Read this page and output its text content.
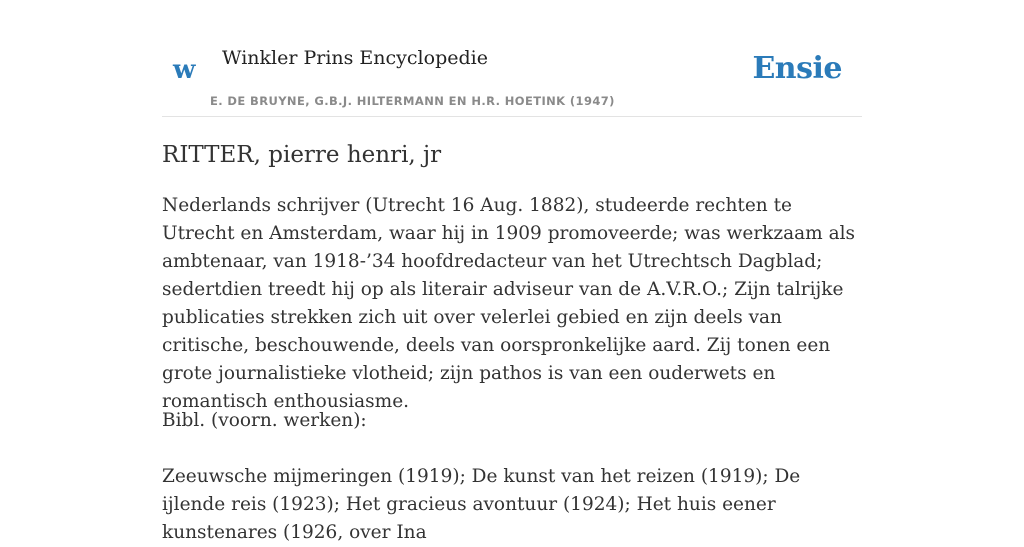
w Winkler Prins Encyclopedie
E. DE BRUYNE, G.B.J. HILTERMANN EN H.R. HOETINK (1947)
Ensie
RITTER, pierre henri, jr

Nederlands schrijver (Utrecht 16 Aug. 1882), studeerde rechten te Utrecht en Amsterdam, waar hij in 1909 promoveerde; was werkzaam als ambtenaar, van 1918-’34 hoofdredacteur van het Utrechtsch Dagblad; sedertdien treedt hij op als literair adviseur van de A.V.R.O.; Zijn talrijke publicaties strekken zich uit over velerlei gebied en zijn deels van critische, beschouwende, deels van oorspronkelijke aard. Zij tonen een grote journalistieke vlotheid; zijn pathos is van een ouderwets en romantisch enthousiasme.

Bibl. (voorn. werken):

Zeeuwsche mijmeringen (1919); De kunst van het reizen (1919); De ijlende reis (1923); Het gracieus avontuur (1924); Het huis eener kunstenares (1926, over Ina
